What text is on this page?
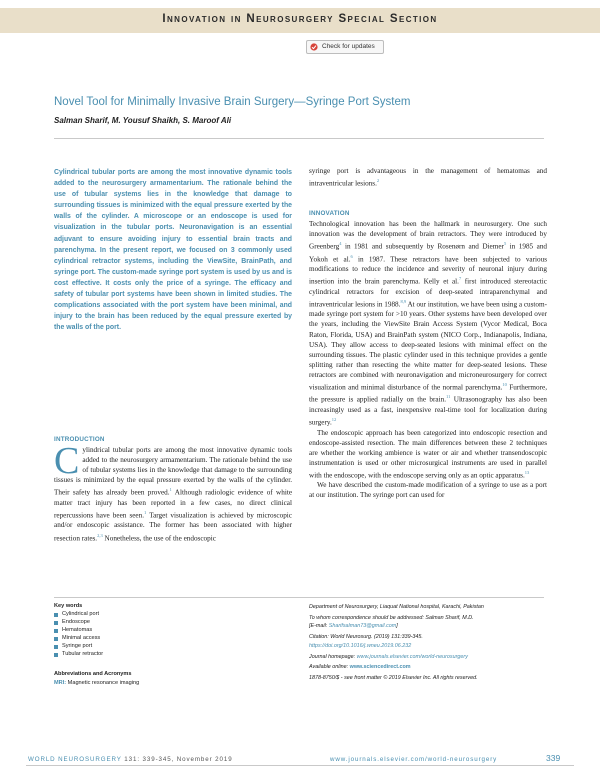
Innovation in Neurosurgery Special Section
Check for updates
Novel Tool for Minimally Invasive Brain Surgery—Syringe Port System
Salman Sharif, M. Yousuf Shaikh, S. Maroof Ali
Cylindrical tubular ports are among the most innovative dynamic tools added to the neurosurgery armamentarium. The rationale behind the use of tubular systems lies in the knowledge that damage to surrounding tissues is minimized with the equal pressure exerted by the walls of the cylinder. A microscope or an endoscope is used for visualization in the tubular ports. Neuronavigation is an essential adjuvant to ensure avoiding injury to essential brain tracts and parenchyma. In the present report, we focused on 3 commonly used cylindrical retractor systems, including the ViewSite, BrainPath, and syringe port. The custom-made syringe port system is used by us and is cost effective. It costs only the price of a syringe. The efficacy and safety of tubular port systems have been shown in limited studies. The complications associated with the port system have been minimal, and injury to the brain has been reduced by the equal pressure exerted by the walls of the port.
INTRODUCTION
Cylindrical tubular ports are among the most innovative dynamic tools added to the neurosurgery armamentarium. The rationale behind the use of tubular systems lies in the knowledge that damage to the surrounding tissues is minimized by the equal pressure exerted by the walls of the cylinder. Their safety has already been proved.$^1$ Although radiologic evidence of white matter tract injury has been reported in a few cases, no direct clinical repercussions have been seen.$^1$ Target visualization is achieved by microscopic and/or endoscopic assistance. The former has been associated with higher resection rates.$^{2,3}$ Nonetheless, the use of the endoscopic
syringe port is advantageous in the management of hematomas and intraventricular lesions.$^2$
INNOVATION

Technological innovation has been the hallmark in neurosurgery. One such innovation was the development of brain retractors. They were introduced by Greenberg$^4$ in 1981 and subsequently by Rosenørn and Diemer$^5$ in 1985 and Yokoh et al.$^6$ in 1987. These retractors have been subjected to various modifications to reduce the incidence and severity of neuronal injury during insertion into the brain parenchyma. Kelly et al.$^7$ first introduced stereotactic cylindrical retractors for excision of deep-seated intraparenchymal and intraventricular lesions in 1988.$^{8,9}$ At our institution, we have been using a custom-made syringe port system for >10 years. Other systems have been developed over the years, including the ViewSite Brain Access System (Vycor Medical, Boca Raton, Florida, USA) and BrainPath system (NICO Corp., Indianapolis, Indiana, USA). They allow access to deep-seated lesions with minimal effect on the surrounding tissues. The plastic cylinder used in this technique provides a gentle splitting rather than resecting the white matter for deep-seated lesions. These retractors are combined with neuronavigation and microneurosurgery for correct visualization and minimal disturbance of the normal parenchyma.$^{10}$ Furthermore, the pressure is applied radially on the brain.$^{11}$ Ultrasonography has also been increasingly used as a fast, inexpensive real-time tool for localization during surgery.$^{12}$

The endoscopic approach has been categorized into endoscopic resection and endoscope-assisted resection. The main differences between these 2 techniques are whether the working ambience is water or air and whether transendoscopic instrumentation is used or other microsurgical instruments are used in parallel with the endoscope, with the endoscope serving only as an optic apparatus.$^{13}$

We have described the custom-made modification of a syringe to use as a port at our institution. The syringe port can used for

Key words
Cylindrical port
Endoscope
Hematomas
Minimal access
Syringe port
Tubular retractor
Abbreviations and Acronyms
MRI: Magnetic resonance imaging
Department of Neurosurgery, Liaquat National hospital, Karachi, Pakistan
To whom correspondence should be addressed: Salman Sharif, M.D.
[E-mail: Sharifsalman73@gmail.com]
Citation: World Neurosurg. (2019) 131:339-345.
https://doi.org/10.1016/j.wneu.2019.06.232
Journal homepage: www.journals.elsevier.com/world-neurosurgery
Available online: www.sciencedirect.com
1878-8750/$ - see front matter © 2019 Elsevier Inc. All rights reserved.
WORLD NEUROSURGERY 131: 339-345, November 2019	www.journals.elsevier.com/world-neurosurgery	339
